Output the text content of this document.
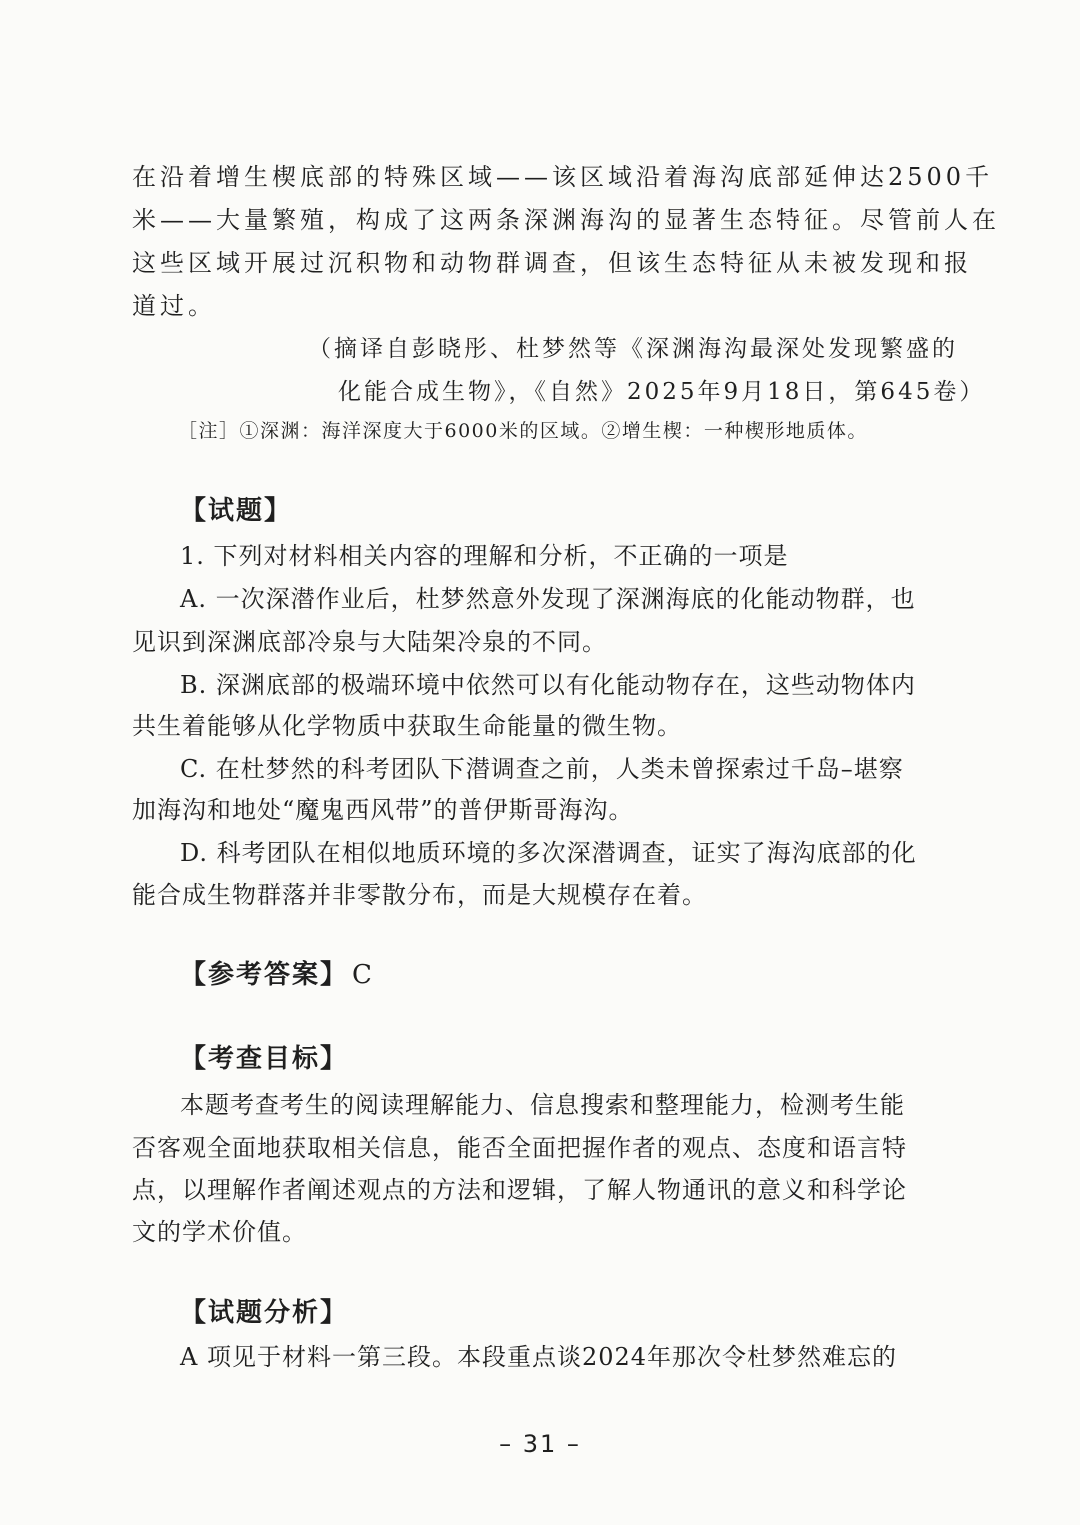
在沿着增生楔底部的特殊区域——该区域沿着海沟底部延伸达2500千
米——大量繁殖，构成了这两条深渊海沟的显著生态特征。尽管前人在
这些区域开展过沉积物和动物群调查，但该生态特征从未被发现和报
道过。
（摘译自彭晓彤、杜梦然等《深渊海沟最深处发现繁盛的
化能合成生物》，《自然》2025年9月18日，第645卷）
［注］①深渊：海洋深度大于6000米的区域。②增生楔：一种楔形地质体。
【试题】
1. 下列对材料相关内容的理解和分析，不正确的一项是
A. 一次深潜作业后，杜梦然意外发现了深渊海底的化能动物群，也
见识到深渊底部冷泉与大陆架冷泉的不同。
B. 深渊底部的极端环境中依然可以有化能动物存在，这些动物体内
共生着能够从化学物质中获取生命能量的微生物。
C. 在杜梦然的科考团队下潜调查之前，人类未曾探索过千岛–堪察
加海沟和地处“魔鬼西风带”的普伊斯哥海沟。
D. 科考团队在相似地质环境的多次深潜调查，证实了海沟底部的化
能合成生物群落并非零散分布，而是大规模存在着。
【参考答案】 C
【考查目标】
本题考查考生的阅读理解能力、信息搜索和整理能力，检测考生能
否客观全面地获取相关信息，能否全面把握作者的观点、态度和语言特
点，以理解作者阐述观点的方法和逻辑，了解人物通讯的意义和科学论
文的学术价值。
【试题分析】
A 项见于材料一第三段。本段重点谈2024年那次令杜梦然难忘的
– 31 –
